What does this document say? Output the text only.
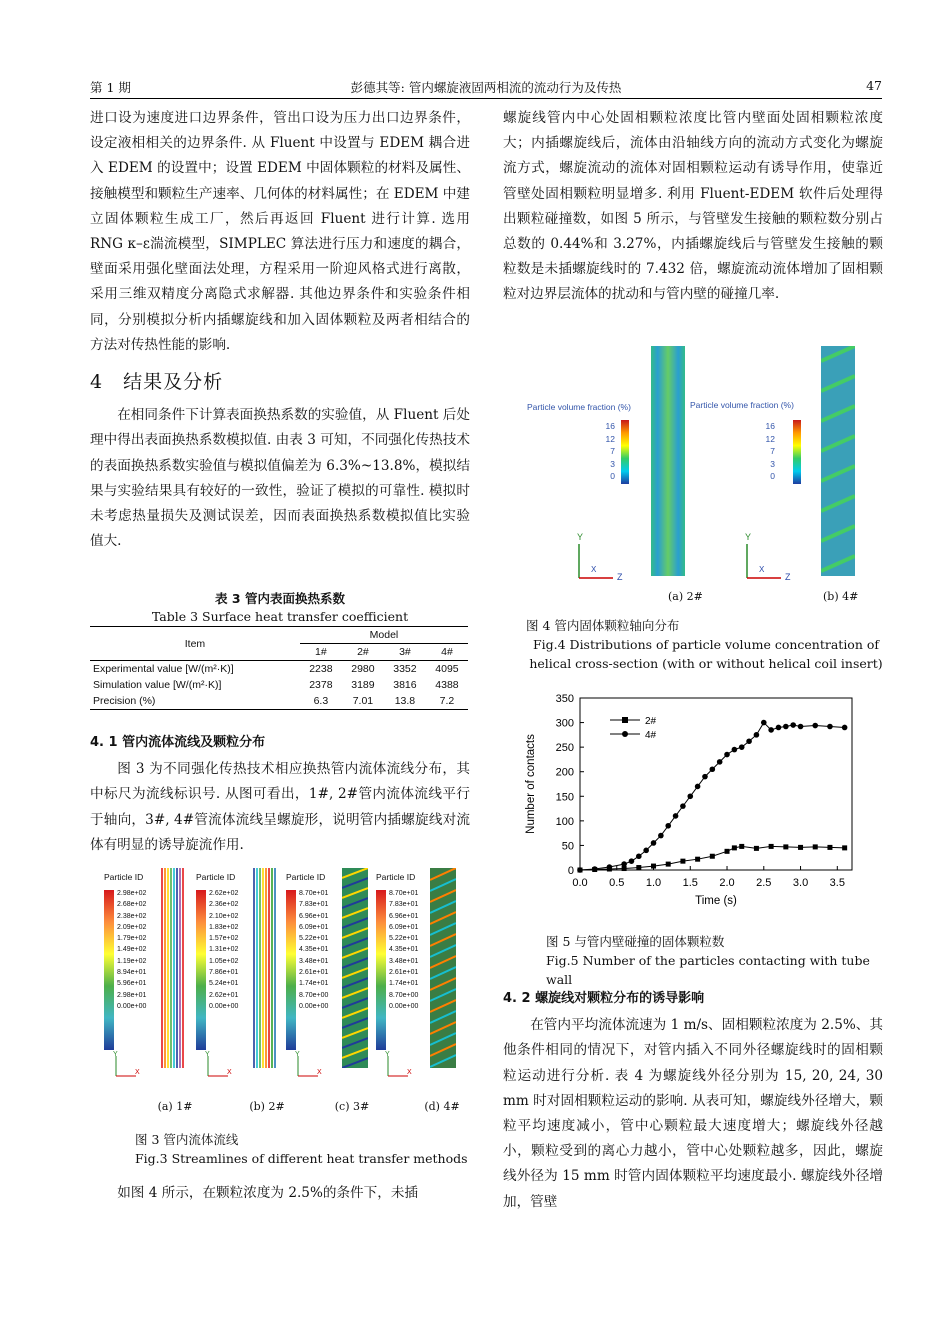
第 1 期	彭德其等: 管内螺旋液固两相流的流动行为及传热	47

进口设为速度进口边界条件，管出口设为压力出口边界条件，设定液相相关的边界条件. 从 Fluent 中设置与 EDEM 耦合进入 EDEM 的设置中；设置 EDEM 中固体颗粒的材料及属性、接触模型和颗粒生产速率、几何体的材料属性；在 EDEM 中建立固体颗粒生成工厂，然后再返回 Fluent 进行计算. 选用 RNG κ–ε湍流模型，SIMPLEC 算法进行压力和速度的耦合，壁面采用强化壁面法处理，方程采用一阶迎风格式进行离散，采用三维双精度分离隐式求解器. 其他边界条件和实验条件相同，分别模拟分析内插螺旋线和加入固体颗粒及两者相结合的方法对传热性能的影响.

4　结果及分析

在相同条件下计算表面换热系数的实验值，从 Fluent 后处理中得出表面换热系数模拟值. 由表 3 可知，不同强化传热技术的表面换热系数实验值与模拟值偏差为 6.3%~13.8%，模拟结果与实验结果具有较好的一致性，验证了模拟的可靠性. 模拟时未考虑热量损失及测试误差，因而表面换热系数模拟值比实验值大.

表 3 管内表面换热系数
Table 3 Surface heat transfer coefficient
Item	Model			
	1#	2#	3#	4#
Experimental value [W/(m²·K)]	2238	2980	3352	4095
Simulation value [W/(m²·K)]	2378	3189	3816	4388
Precision (%)	6.3	7.01	13.8	7.2
4. 1 管内流体流线及颗粒分布

图 3 为不同强化传热技术相应换热管内流体流线分布，其中标尺为流线标识号. 从图可看出，1#, 2#管内流体流线平行于轴向，3#, 4#管流体流线呈螺旋形，说明管内插螺旋线对流体有明显的诱导旋流作用.

Particle ID
2.98e+02
2.68e+02
2.38e+02
2.09e+02
1.79e+02
1.49e+02
1.19e+02
8.94e+01
5.96e+01
2.98e+01
0.00e+00
Y
X
(a) 1#
Particle ID
2.62e+02
2.36e+02
2.10e+02
1.83e+02
1.57e+02
1.31e+02
1.05e+02
7.86e+01
5.24e+01
2.62e+01
0.00e+00
Y
X
(b) 2#
Particle ID
8.70e+01
7.83e+01
6.96e+01
6.09e+01
5.22e+01
4.35e+01
3.48e+01
2.61e+01
1.74e+01
8.70e+00
0.00e+00
Y
X
(c) 3#
Particle ID
8.70e+01
7.83e+01
6.96e+01
6.09e+01
5.22e+01
4.35e+01
3.48e+01
2.61e+01
1.74e+01
8.70e+00
0.00e+00
Y
X
(d) 4#
图 3 管内流体流线
Fig.3 Streamlines of different heat transfer methods

如图 4 所示，在颗粒浓度为 2.5%的条件下，未插

螺旋线管内中心处固相颗粒浓度比管内壁面处固相颗粒浓度大；内插螺旋线后，流体由沿轴线方向的流动方式变化为螺旋流方式，螺旋流动的流体对固相颗粒运动有诱导作用，使靠近管壁处固相颗粒明显增多. 利用 Fluent-EDEM 软件后处理得出颗粒碰撞数，如图 5 所示，与管壁发生接触的颗粒数分别占总数的 0.44%和 3.27%，内插螺旋线后与管壁发生接触的颗粒数是未插螺旋线时的 7.432 倍，螺旋流动流体增加了固相颗粒对边界层流体的扰动和与管内壁的碰撞几率.

Particle volume fraction (%)
16
12
7
3
0
Y
X
Z
Particle volume fraction (%)
16
12
7
3
0
Y
X
Z
(a) 2#	(b) 4#
图 4 管内固体颗粒轴向分布
Fig.4 Distributions of particle volume concentration of helical cross-section (with or without helical coil insert)
0.0 0.5 1.0 1.5 2.0 2.5 3.0 3.5
0
50
100
150
200
250
300
350
Time (s)
Number of contacts
2#
4#
图 5 与管内壁碰撞的固体颗粒数
Fig.5 Number of the particles contacting with tube wall
4. 2 螺旋线对颗粒分布的诱导影响

在管内平均流体流速为 1 m/s、固相颗粒浓度为 2.5%、其他条件相同的情况下，对管内插入不同外径螺旋线时的固相颗粒运动进行分析. 表 4 为螺旋线外径分别为 15, 20, 24, 30 mm 时对固相颗粒运动的影响. 从表可知，螺旋线外径增大，颗粒平均速度减小，管中心颗粒最大速度增大；螺旋线外径越小，颗粒受到的离心力越小，管中心处颗粒越多，因此，螺旋线外径为 15 mm 时管内固体颗粒平均速度最小. 螺旋线外径增加，管壁
